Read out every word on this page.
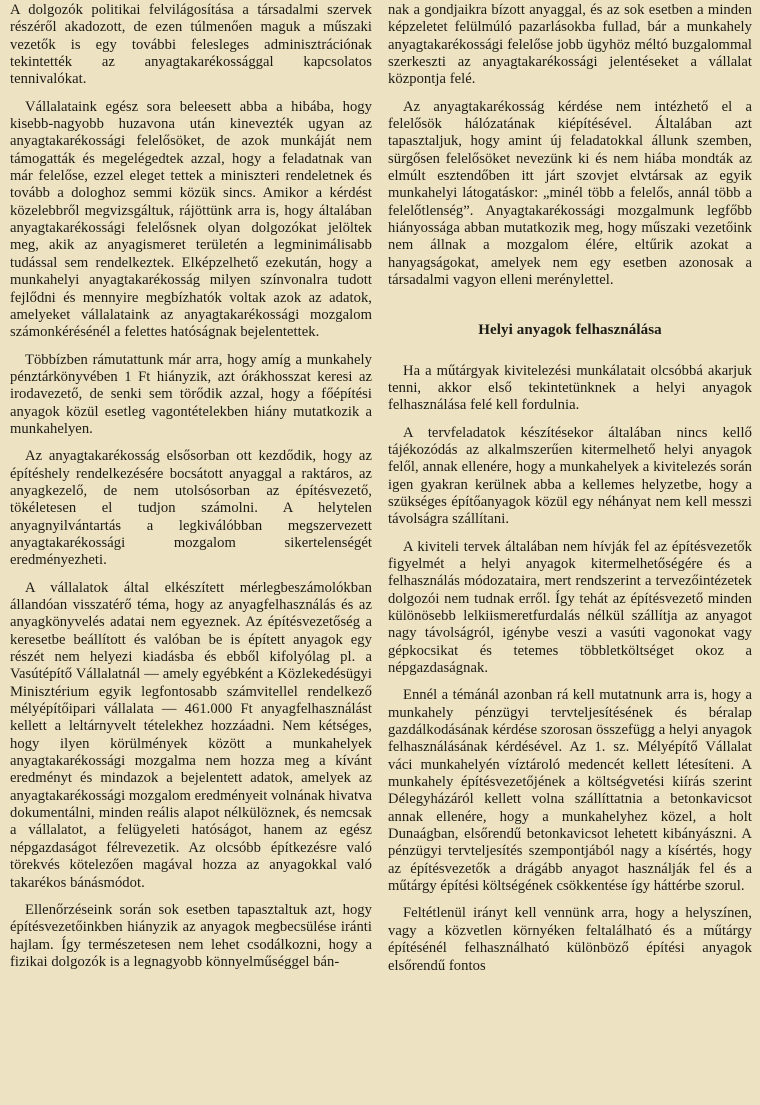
A dolgozók politikai felvilágosítása a társadalmi szervek részéről akadozott, de ezen túlmenően maguk a műszaki vezetők is egy további felesleges adminisztrációnak tekintették az anyagtakarékossággal kapcsolatos tennivalókat.

Vállalataink egész sora beleesett abba a hibába, hogy kisebb-nagyobb huzavona után kinevezték ugyan az anyagtakarékossági felelősöket, de azok munkáját nem támogatták és megelégedtek azzal, hogy a feladatnak van már felelőse, ezzel eleget tettek a miniszteri rendeletnek és tovább a dologhoz semmi közük sincs. Amikor a kérdést közelebbről megvizsgáltuk, rájöttünk arra is, hogy általában anyagtakarékossági felelősnek olyan dolgozókat jelöltek meg, akik az anyagismeret területén a legminimálisabb tudással sem rendelkeztek. Elképzelhető ezekután, hogy a munkahelyi anyagtakarékosság milyen színvonalra tudott fejlődni és mennyire megbízhatók voltak azok az adatok, amelyeket vállalataink az anyagtakarékossági mozgalom számonkérésénél a felettes hatóságnak bejelentettek.

Többízben rámutattunk már arra, hogy amíg a munkahely pénztárkönyvében 1 Ft hiányzik, azt órákhosszat keresi az irodavezető, de senki sem törődik azzal, hogy a főépítési anyagok közül esetleg vagontételekben hiány mutatkozik a munkahelyen.

Az anyagtakarékosság elsősorban ott kezdődik, hogy az építéshely rendelkezésére bocsátott anyaggal a raktáros, az anyagkezelő, de nem utolsósorban az építésvezető, tökéletesen el tudjon számolni. A helytelen anyagnyilvántartás a legkiválóbban megszervezett anyagtakarékossági mozgalom sikertelenségét eredményezheti.

A vállalatok által elkészített mérlegbeszámolókban állandóan visszatérő téma, hogy az anyagfelhasználás és az anyagkönyvelés adatai nem egyeznek. Az építésvezetőség a keresetbe beállított és valóban be is épített anyagok egy részét nem helyezi kiadásba és ebből kifolyólag pl. a Vasútépítő Vállalatnál — amely egyébként a Közlekedésügyi Minisztérium egyik legfontosabb számvitellel rendelkező mélyépítőipari vállalata — 461.000 Ft anyagfelhasználást kellett a leltárnyvelt tételekhez hozzáadni. Nem kétséges, hogy ilyen körülmények között a munkahelyek anyagtakarékossági mozgalma nem hozza meg a kívánt eredményt és mindazok a bejelentett adatok, amelyek az anyagtakarékossági mozgalom eredményeit volnának hivatva dokumentálni, minden reális alapot nélkülöznek, és nemcsak a vállalatot, a felügyeleti hatóságot, hanem az egész népgazdaságot félrevezetik. Az olcsóbb építkezésre való törekvés kötelezően magával hozza az anyagokkal való takarékos bánásmódot.

Ellenőrzéseink során sok esetben tapasztaltuk azt, hogy építésvezetőinkben hiányzik az anyagok megbecsülése iránti hajlam. Így természetesen nem lehet csodálkozni, hogy a fizikai dolgozók is a legnagyobb könnyelműséggel bán-

nak a gondjaikra bízott anyaggal, és az sok esetben a minden képzeletet felülmúló pazarlásokba fullad, bár a munkahely anyagtakarékossági felelőse jobb ügyhöz méltó buzgalommal szerkeszti az anyagtakarékossági jelentéseket a vállalat központja felé.

Az anyagtakarékosság kérdése nem intézhető el a felelősök hálózatának kiépítésével. Általában azt tapasztaljuk, hogy amint új feladatokkal állunk szemben, sürgősen felelősöket nevezünk ki és nem hiába mondták az elmúlt esztendőben itt járt szovjet elvtársak az egyik munkahelyi látogatáskor: „minél több a felelős, annál több a felelőtlenség”. Anyagtakarékossági mozgalmunk legfőbb hiányossága abban mutatkozik meg, hogy műszaki vezetőink nem állnak a mozgalom élére, eltűrik azokat a hanyagságokat, amelyek nem egy esetben azonosak a társadalmi vagyon elleni merénylettel.

Helyi anyagok felhasználása

Ha a műtárgyak kivitelezési munkálatait olcsóbbá akarjuk tenni, akkor első tekintetünknek a helyi anyagok felhasználása felé kell fordulnia.

A tervfeladatok készítésekor általában nincs kellő tájékozódás az alkalmszerűen kitermelhető helyi anyagok felől, annak ellenére, hogy a munkahelyek a kivitelezés során igen gyakran kerülnek abba a kellemes helyzetbe, hogy a szükséges építőanyagok közül egy néhányat nem kell messzi távolságra szállítani.

A kiviteli tervek általában nem hívják fel az építésvezetők figyelmét a helyi anyagok kitermelhetőségére és a felhasználás módozataira, mert rendszerint a tervezőintézetek dolgozói nem tudnak erről. Így tehát az építésvezető minden különösebb lelkiismeretfurdalás nélkül szállítja az anyagot nagy távolságról, igénybe veszi a vasúti vagonokat vagy gépkocsikat és tetemes többletköltséget okoz a népgazdaságnak.

Ennél a témánál azonban rá kell mutatnunk arra is, hogy a munkahely pénzügyi tervteljesítésének és béralap gazdálkodásának kérdése szorosan összefügg a helyi anyagok felhasználásának kérdésével. Az 1. sz. Mélyépítő Vállalat váci munkahelyén víztároló medencét kellett létesíteni. A munkahely építésvezetőjének a költségvetési kiírás szerint Délegyházáról kellett volna szállíttatnia a betonkavicsot annak ellenére, hogy a munkahelyhez közel, a holt Dunaágban, elsőrendű betonkavicsot lehetett kibányászni. A pénzügyi tervteljesítés szempontjából nagy a kísértés, hogy az építésvezetők a drágább anyagot használják fel és a műtárgy építési költségének csökkentése így háttérbe szorul.

Feltétlenül irányt kell vennünk arra, hogy a helyszínen, vagy a közvetlen környéken feltalálható és a műtárgy építésénél felhasználható különböző építési anyagok elsőrendű fontos
